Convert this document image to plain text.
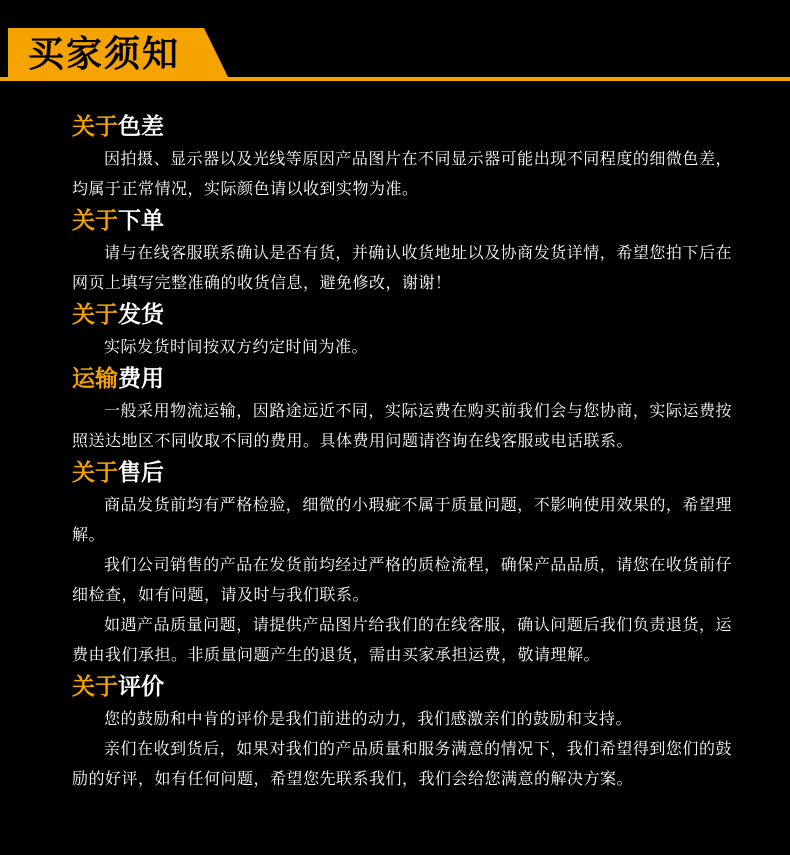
买家须知
关于色差

因拍摄、显示器以及光线等原因产品图片在不同显示器可能出现不同程度的细微色差，均属于正常情况，实际颜色请以收到实物为准。

关于下单

请与在线客服联系确认是否有货，并确认收货地址以及协商发货详情，希望您拍下后在网页上填写完整准确的收货信息，避免修改，谢谢！

关于发货

实际发货时间按双方约定时间为准。

运输费用

一般采用物流运输，因路途远近不同，实际运费在购买前我们会与您协商，实际运费按照送达地区不同收取不同的费用。具体费用问题请咨询在线客服或电话联系。

关于售后

商品发货前均有严格检验，细微的小瑕疵不属于质量问题，不影响使用效果的，希望理解。

我们公司销售的产品在发货前均经过严格的质检流程，确保产品品质，请您在收货前仔细检查，如有问题，请及时与我们联系。

如遇产品质量问题，请提供产品图片给我们的在线客服，确认问题后我们负责退货，运费由我们承担。非质量问题产生的退货，需由买家承担运费，敬请理解。

关于评价

您的鼓励和中肯的评价是我们前进的动力，我们感激亲们的鼓励和支持。

亲们在收到货后，如果对我们的产品质量和服务满意的情况下，我们希望得到您们的鼓励的好评，如有任何问题，希望您先联系我们，我们会给您满意的解决方案。
